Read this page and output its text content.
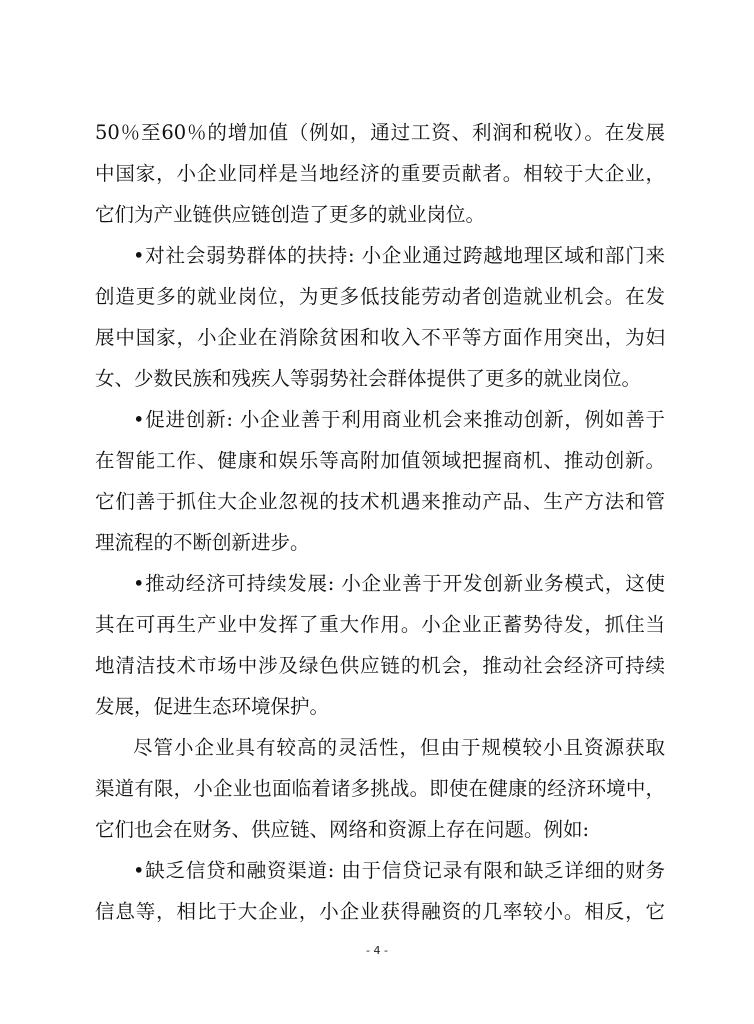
50％至60％的增加值（例如，通过工资、利润和税收）。在发展
中国家，小企业同样是当地经济的重要贡献者。相较于大企业，
它们为产业链供应链创造了更多的就业岗位。
•对社会弱势群体的扶持: 小企业通过跨越地理区域和部门来
创造更多的就业岗位，为更多低技能劳动者创造就业机会。在发
展中国家，小企业在消除贫困和收入不平等方面作用突出，为妇
女、少数民族和残疾人等弱势社会群体提供了更多的就业岗位。
•促进创新: 小企业善于利用商业机会来推动创新，例如善于
在智能工作、健康和娱乐等高附加值领域把握商机、推动创新。
它们善于抓住大企业忽视的技术机遇来推动产品、生产方法和管
理流程的不断创新进步。
•推动经济可持续发展: 小企业善于开发创新业务模式，这使
其在可再生产业中发挥了重大作用。小企业正蓄势待发，抓住当
地清洁技术市场中涉及绿色供应链的机会，推动社会经济可持续
发展，促进生态环境保护。
尽管小企业具有较高的灵活性，但由于规模较小且资源获取
渠道有限，小企业也面临着诸多挑战。即使在健康的经济环境中，
它们也会在财务、供应链、网络和资源上存在问题。例如:
•缺乏信贷和融资渠道: 由于信贷记录有限和缺乏详细的财务
信息等，相比于大企业，小企业获得融资的几率较小。相反，它
- 4 -
